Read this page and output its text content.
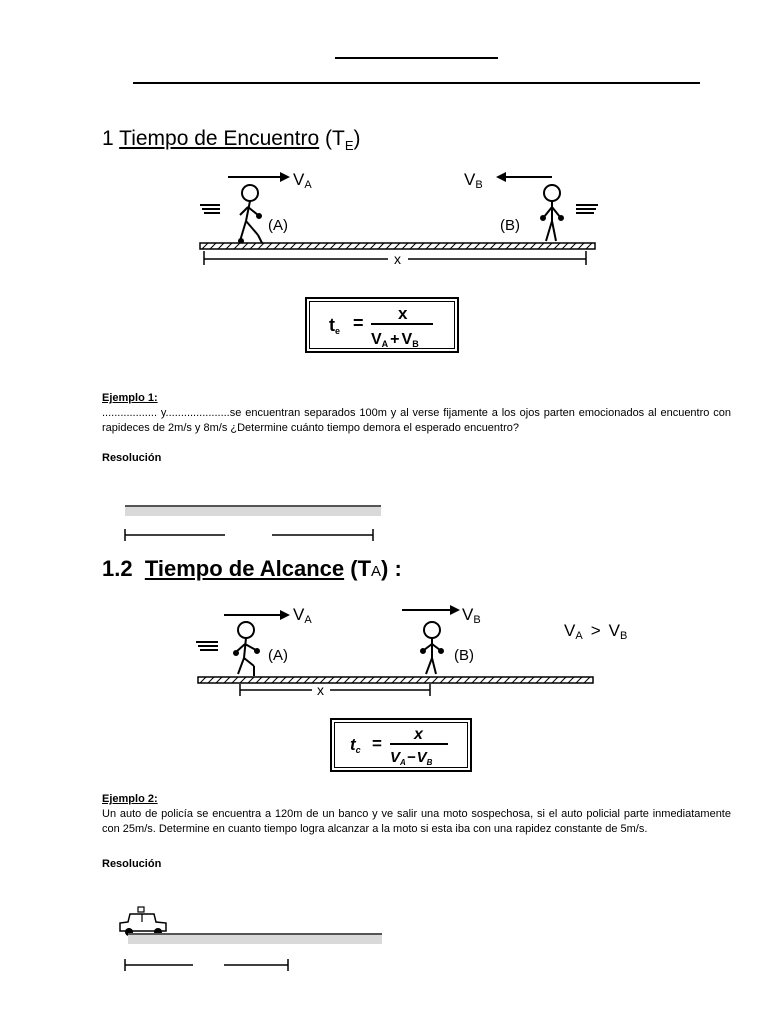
1 Tiempo de Encuentro $(T_E)$
VA	VB
(A)	(B)
x
te = x
VA + VB
Ejemplo 1:
.................. y.....................se encuentran separados 100m y al verse fijamente a los ojos parten emocionados al encuentro con rapideces de 2m/s y 8m/s ¿Determine cuánto tiempo demora el esperado encuentro?
Resolución
1.2 Tiempo de Alcance (TA) :
VA	VB
VA > VB
(A)	(B)
x
tc = x
$V_A-V_B$
Ejemplo 2:
Un auto de policía se encuentra a 120m de un banco y ve salir una moto sospechosa, si el auto policial parte inmediatamente con 25m/s. Determine en cuanto tiempo logra alcanzar a la moto si esta iba con una rapidez constante de 5m/s.
Resolución
